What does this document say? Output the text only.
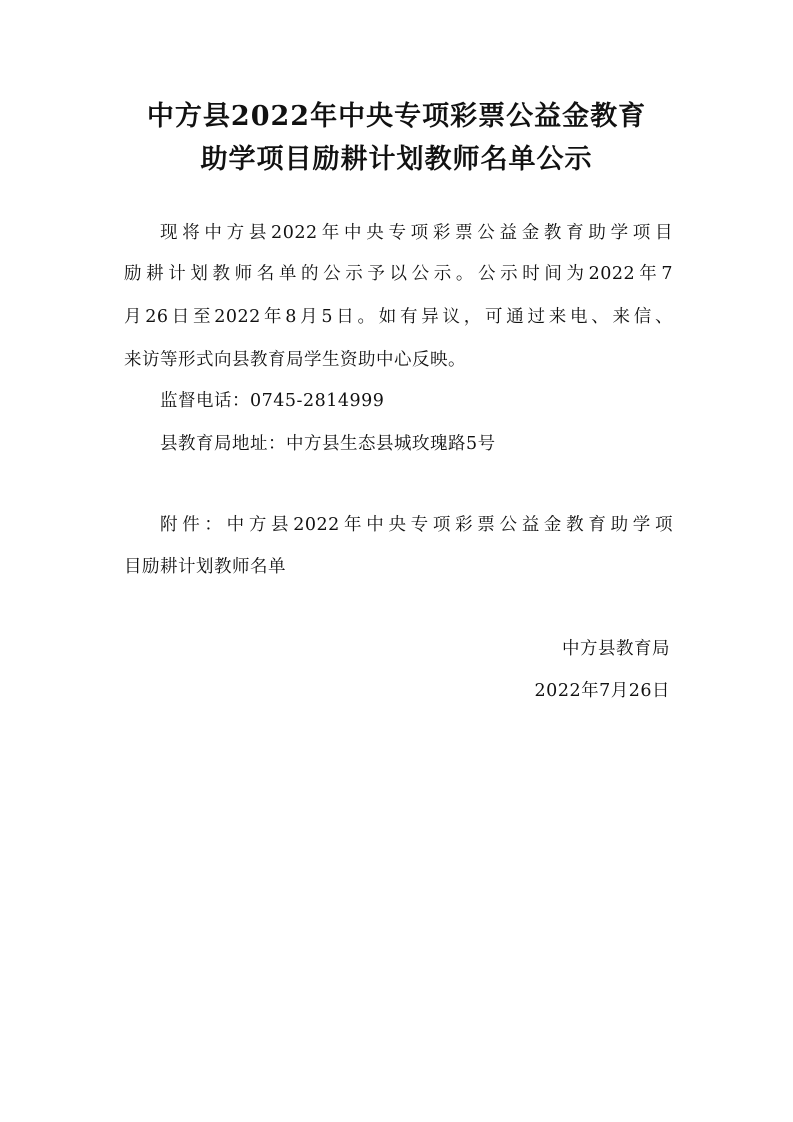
中方县2022年中央专项彩票公益金教育
助学项目励耕计划教师名单公示
现将中方县2022年中央专项彩票公益金教育助学项目
励耕计划教师名单的公示予以公示。公示时间为2022年7
月26日至2022年8月5日。如有异议，可通过来电、来信、
来访等形式向县教育局学生资助中心反映。
监督电话：0745-2814999
县教育局地址：中方县生态县城玫瑰路5号
附件：中方县2022年中央专项彩票公益金教育助学项
目励耕计划教师名单
中方县教育局
2022年7月26日
